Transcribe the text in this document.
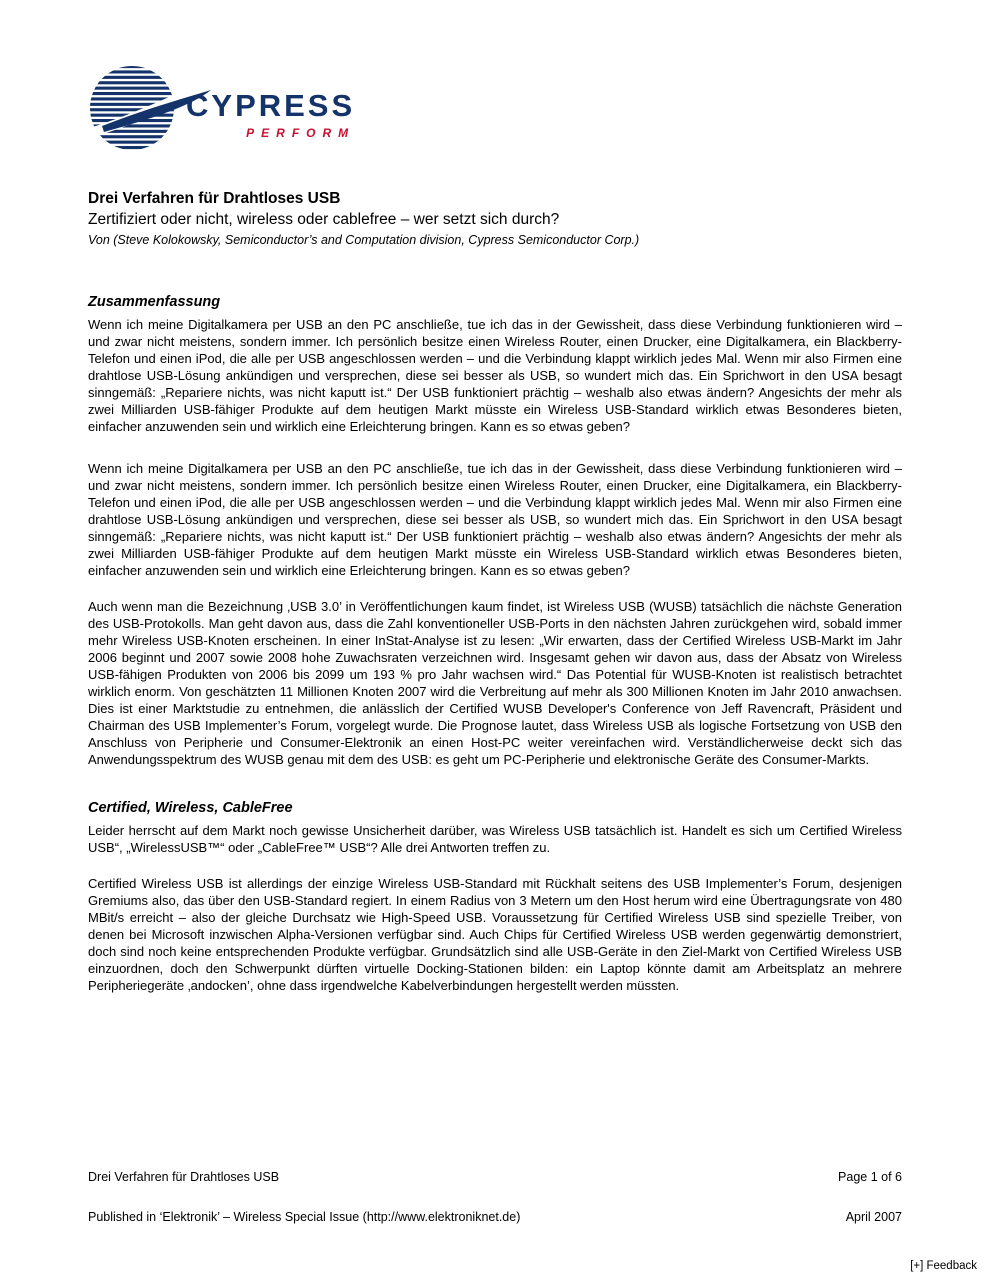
CYPRESS
PERFORM
Drei Verfahren für Drahtloses USB
Zertifiziert oder nicht, wireless oder cablefree – wer setzt sich durch?
Von (Steve Kolokowsky, Semiconductor’s and Computation division, Cypress Semiconductor Corp.)
Zusammenfassung

Wenn ich meine Digitalkamera per USB an den PC anschließe, tue ich das in der Gewissheit, dass diese Verbindung funktionieren wird – und zwar nicht meistens, sondern immer. Ich persönlich besitze einen Wireless Router, einen Drucker, eine Digitalkamera, ein Blackberry-Telefon und einen iPod, die alle per USB angeschlossen werden – und die Verbindung klappt wirklich jedes Mal. Wenn mir also Firmen eine drahtlose USB-Lösung ankündigen und versprechen, diese sei besser als USB, so wundert mich das. Ein Sprichwort in den USA besagt sinngemäß: „Repariere nichts, was nicht kaputt ist.“ Der USB funktioniert prächtig – weshalb also etwas ändern? Angesichts der mehr als zwei Milliarden USB-fähiger Produkte auf dem heutigen Markt müsste ein Wireless USB-Standard wirklich etwas Besonderes bieten, einfacher anzuwenden sein und wirklich eine Erleichterung bringen. Kann es so etwas geben?

Wenn ich meine Digitalkamera per USB an den PC anschließe, tue ich das in der Gewissheit, dass diese Verbindung funktionieren wird – und zwar nicht meistens, sondern immer. Ich persönlich besitze einen Wireless Router, einen Drucker, eine Digitalkamera, ein Blackberry-Telefon und einen iPod, die alle per USB angeschlossen werden – und die Verbindung klappt wirklich jedes Mal. Wenn mir also Firmen eine drahtlose USB-Lösung ankündigen und versprechen, diese sei besser als USB, so wundert mich das. Ein Sprichwort in den USA besagt sinngemäß: „Repariere nichts, was nicht kaputt ist.“ Der USB funktioniert prächtig – weshalb also etwas ändern? Angesichts der mehr als zwei Milliarden USB-fähiger Produkte auf dem heutigen Markt müsste ein Wireless USB-Standard wirklich etwas Besonderes bieten, einfacher anzuwenden sein und wirklich eine Erleichterung bringen. Kann es so etwas geben?

Auch wenn man die Bezeichnung ‚USB 3.0’ in Veröffentlichungen kaum findet, ist Wireless USB (WUSB) tatsächlich die nächste Generation des USB-Protokolls. Man geht davon aus, dass die Zahl konventioneller USB-Ports in den nächsten Jahren zurückgehen wird, sobald immer mehr Wireless USB-Knoten erscheinen. In einer InStat-Analyse ist zu lesen: „Wir erwarten, dass der Certified Wireless USB-Markt im Jahr 2006 beginnt und 2007 sowie 2008 hohe Zuwachsraten verzeichnen wird. Insgesamt gehen wir davon aus, dass der Absatz von Wireless USB-fähigen Produkten von 2006 bis 2099 um 193 % pro Jahr wachsen wird.“ Das Potential für WUSB-Knoten ist realistisch betrachtet wirklich enorm. Von geschätzten 11 Millionen Knoten 2007 wird die Verbreitung auf mehr als 300 Millionen Knoten im Jahr 2010 anwachsen. Dies ist einer Marktstudie zu entnehmen, die anlässlich der Certified WUSB Developer's Conference von Jeff Ravencraft, Präsident und Chairman des USB Implementer’s Forum, vorgelegt wurde. Die Prognose lautet, dass Wireless USB als logische Fortsetzung von USB den Anschluss von Peripherie und Consumer-Elektronik an einen Host-PC weiter vereinfachen wird. Verständlicherweise deckt sich das Anwendungsspektrum des WUSB genau mit dem des USB: es geht um PC-Peripherie und elektronische Geräte des Consumer-Markts.

Certified, Wireless, CableFree

Leider herrscht auf dem Markt noch gewisse Unsicherheit darüber, was Wireless USB tatsächlich ist. Handelt es sich um Certified Wireless USB“, „WirelessUSB™“ oder „CableFree™ USB“? Alle drei Antworten treffen zu.

Certified Wireless USB ist allerdings der einzige Wireless USB-Standard mit Rückhalt seitens des USB Implementer’s Forum, desjenigen Gremiums also, das über den USB-Standard regiert. In einem Radius von 3 Metern um den Host herum wird eine Übertragungsrate von 480 MBit/s erreicht – also der gleiche Durchsatz wie High-Speed USB. Voraussetzung für Certified Wireless USB sind spezielle Treiber, von denen bei Microsoft inzwischen Alpha-Versionen verfügbar sind. Auch Chips für Certified Wireless USB werden gegenwärtig demonstriert, doch sind noch keine entsprechenden Produkte verfügbar. Grundsätzlich sind alle USB-Geräte in den Ziel-Markt von Certified Wireless USB einzuordnen, doch den Schwerpunkt dürften virtuelle Docking-Stationen bilden: ein Laptop könnte damit am Arbeitsplatz an mehrere Peripheriegeräte ‚andocken’, ohne dass irgendwelche Kabelverbindungen hergestellt werden müssten.

Drei Verfahren für Drahtloses USB	Page 1 of 6
Published in ‘Elektronik’ – Wireless Special Issue (http://www.elektroniknet.de)	April 2007
[+] Feedback
